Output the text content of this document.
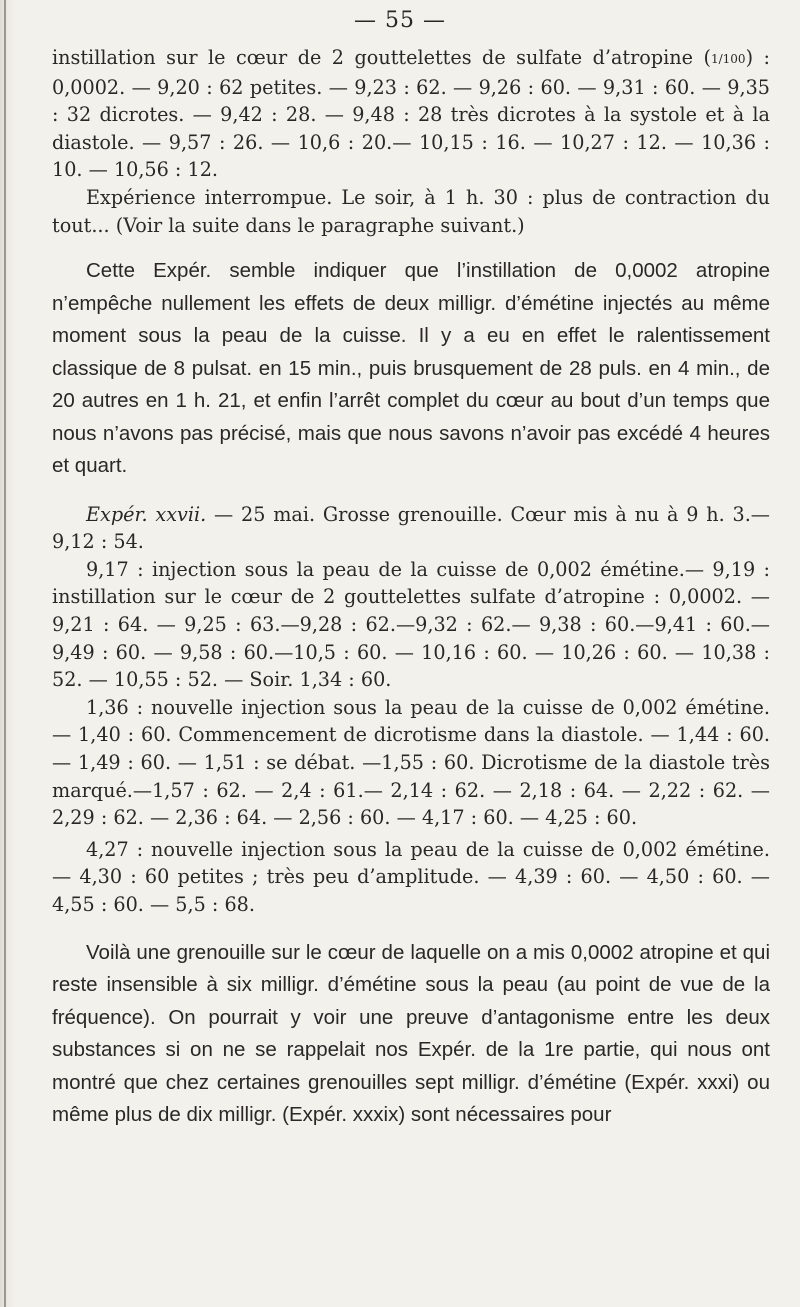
— 55 —

instillation sur le cœur de 2 gouttelettes de sulfate d’atropine (1/100) : 0,0002. — 9,20 : 62 petites. — 9,23 : 62. — 9,26 : 60. — 9,31 : 60. — 9,35 : 32 dicrotes. — 9,42 : 28. — 9,48 : 28 très dicrotes à la systole et à la diastole. — 9,57 : 26. — 10,6 : 20.— 10,15 : 16. — 10,27 : 12. — 10,36 : 10. — 10,56 : 12.

Expérience interrompue. Le soir, à 1 h. 30 : plus de contraction du tout... (Voir la suite dans le paragraphe suivant.)

Cette Expér. semble indiquer que l’instillation de 0,0002 atropine n’empêche nullement les effets de deux milligr. d’émétine injectés au même moment sous la peau de la cuisse. Il y a eu en effet le ralentissement classique de 8 pulsat. en 15 min., puis brusquement de 28 puls. en 4 min., de 20 autres en 1 h. 21, et enfin l’arrêt complet du cœur au bout d’un temps que nous n’avons pas précisé, mais que nous savons n’avoir pas excédé 4 heures et quart.

Expér. xxvii. — 25 mai. Grosse grenouille. Cœur mis à nu à 9 h. 3.— 9,12 : 54.

9,17 : injection sous la peau de la cuisse de 0,002 émétine.— 9,19 : instillation sur le cœur de 2 gouttelettes sulfate d’atropine : 0,0002. — 9,21 : 64. — 9,25 : 63.—9,28 : 62.—9,32 : 62.— 9,38 : 60.—9,41 : 60.—9,49 : 60. — 9,58 : 60.—10,5 : 60. — 10,16 : 60. — 10,26 : 60. — 10,38 : 52. — 10,55 : 52. — Soir. 1,34 : 60.

1,36 : nouvelle injection sous la peau de la cuisse de 0,002 émétine. — 1,40 : 60. Commencement de dicrotisme dans la diastole. — 1,44 : 60. — 1,49 : 60. — 1,51 : se débat. —1,55 : 60. Dicrotisme de la diastole très marqué.—1,57 : 62. — 2,4 : 61.— 2,14 : 62. — 2,18 : 64. — 2,22 : 62. — 2,29 : 62. — 2,36 : 64. — 2,56 : 60. — 4,17 : 60. — 4,25 : 60.

4,27 : nouvelle injection sous la peau de la cuisse de 0,002 émétine. — 4,30 : 60 petites ; très peu d’amplitude. — 4,39 : 60. — 4,50 : 60. — 4,55 : 60. — 5,5 : 68.

Voilà une grenouille sur le cœur de laquelle on a mis 0,0002 atropine et qui reste insensible à six milligr. d’émétine sous la peau (au point de vue de la fréquence). On pourrait y voir une preuve d’antagonisme entre les deux substances si on ne se rappelait nos Expér. de la 1re partie, qui nous ont montré que chez certaines grenouilles sept milligr. d’émétine (Expér. xxxi) ou même plus de dix milligr. (Expér. xxxix) sont nécessaires pour
